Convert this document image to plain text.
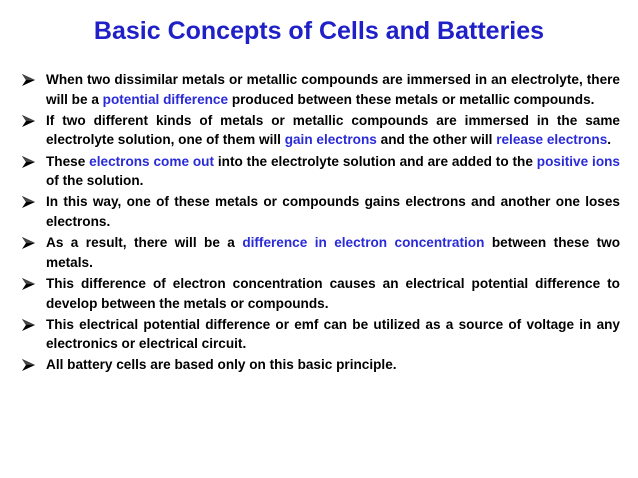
Basic Concepts of Cells and Batteries
When two dissimilar metals or metallic compounds are immersed in an electrolyte, there will be a potential difference produced between these metals or metallic compounds.
If two different kinds of metals or metallic compounds are immersed in the same electrolyte solution, one of them will gain electrons and the other will release electrons.
These electrons come out into the electrolyte solution and are added to the positive ions of the solution.
In this way, one of these metals or compounds gains electrons and another one loses electrons.
As a result, there will be a difference in electron concentration between these two metals.
This difference of electron concentration causes an electrical potential difference to develop between the metals or compounds.
This electrical potential difference or emf can be utilized as a source of voltage in any electronics or electrical circuit.
All battery cells are based only on this basic principle.
